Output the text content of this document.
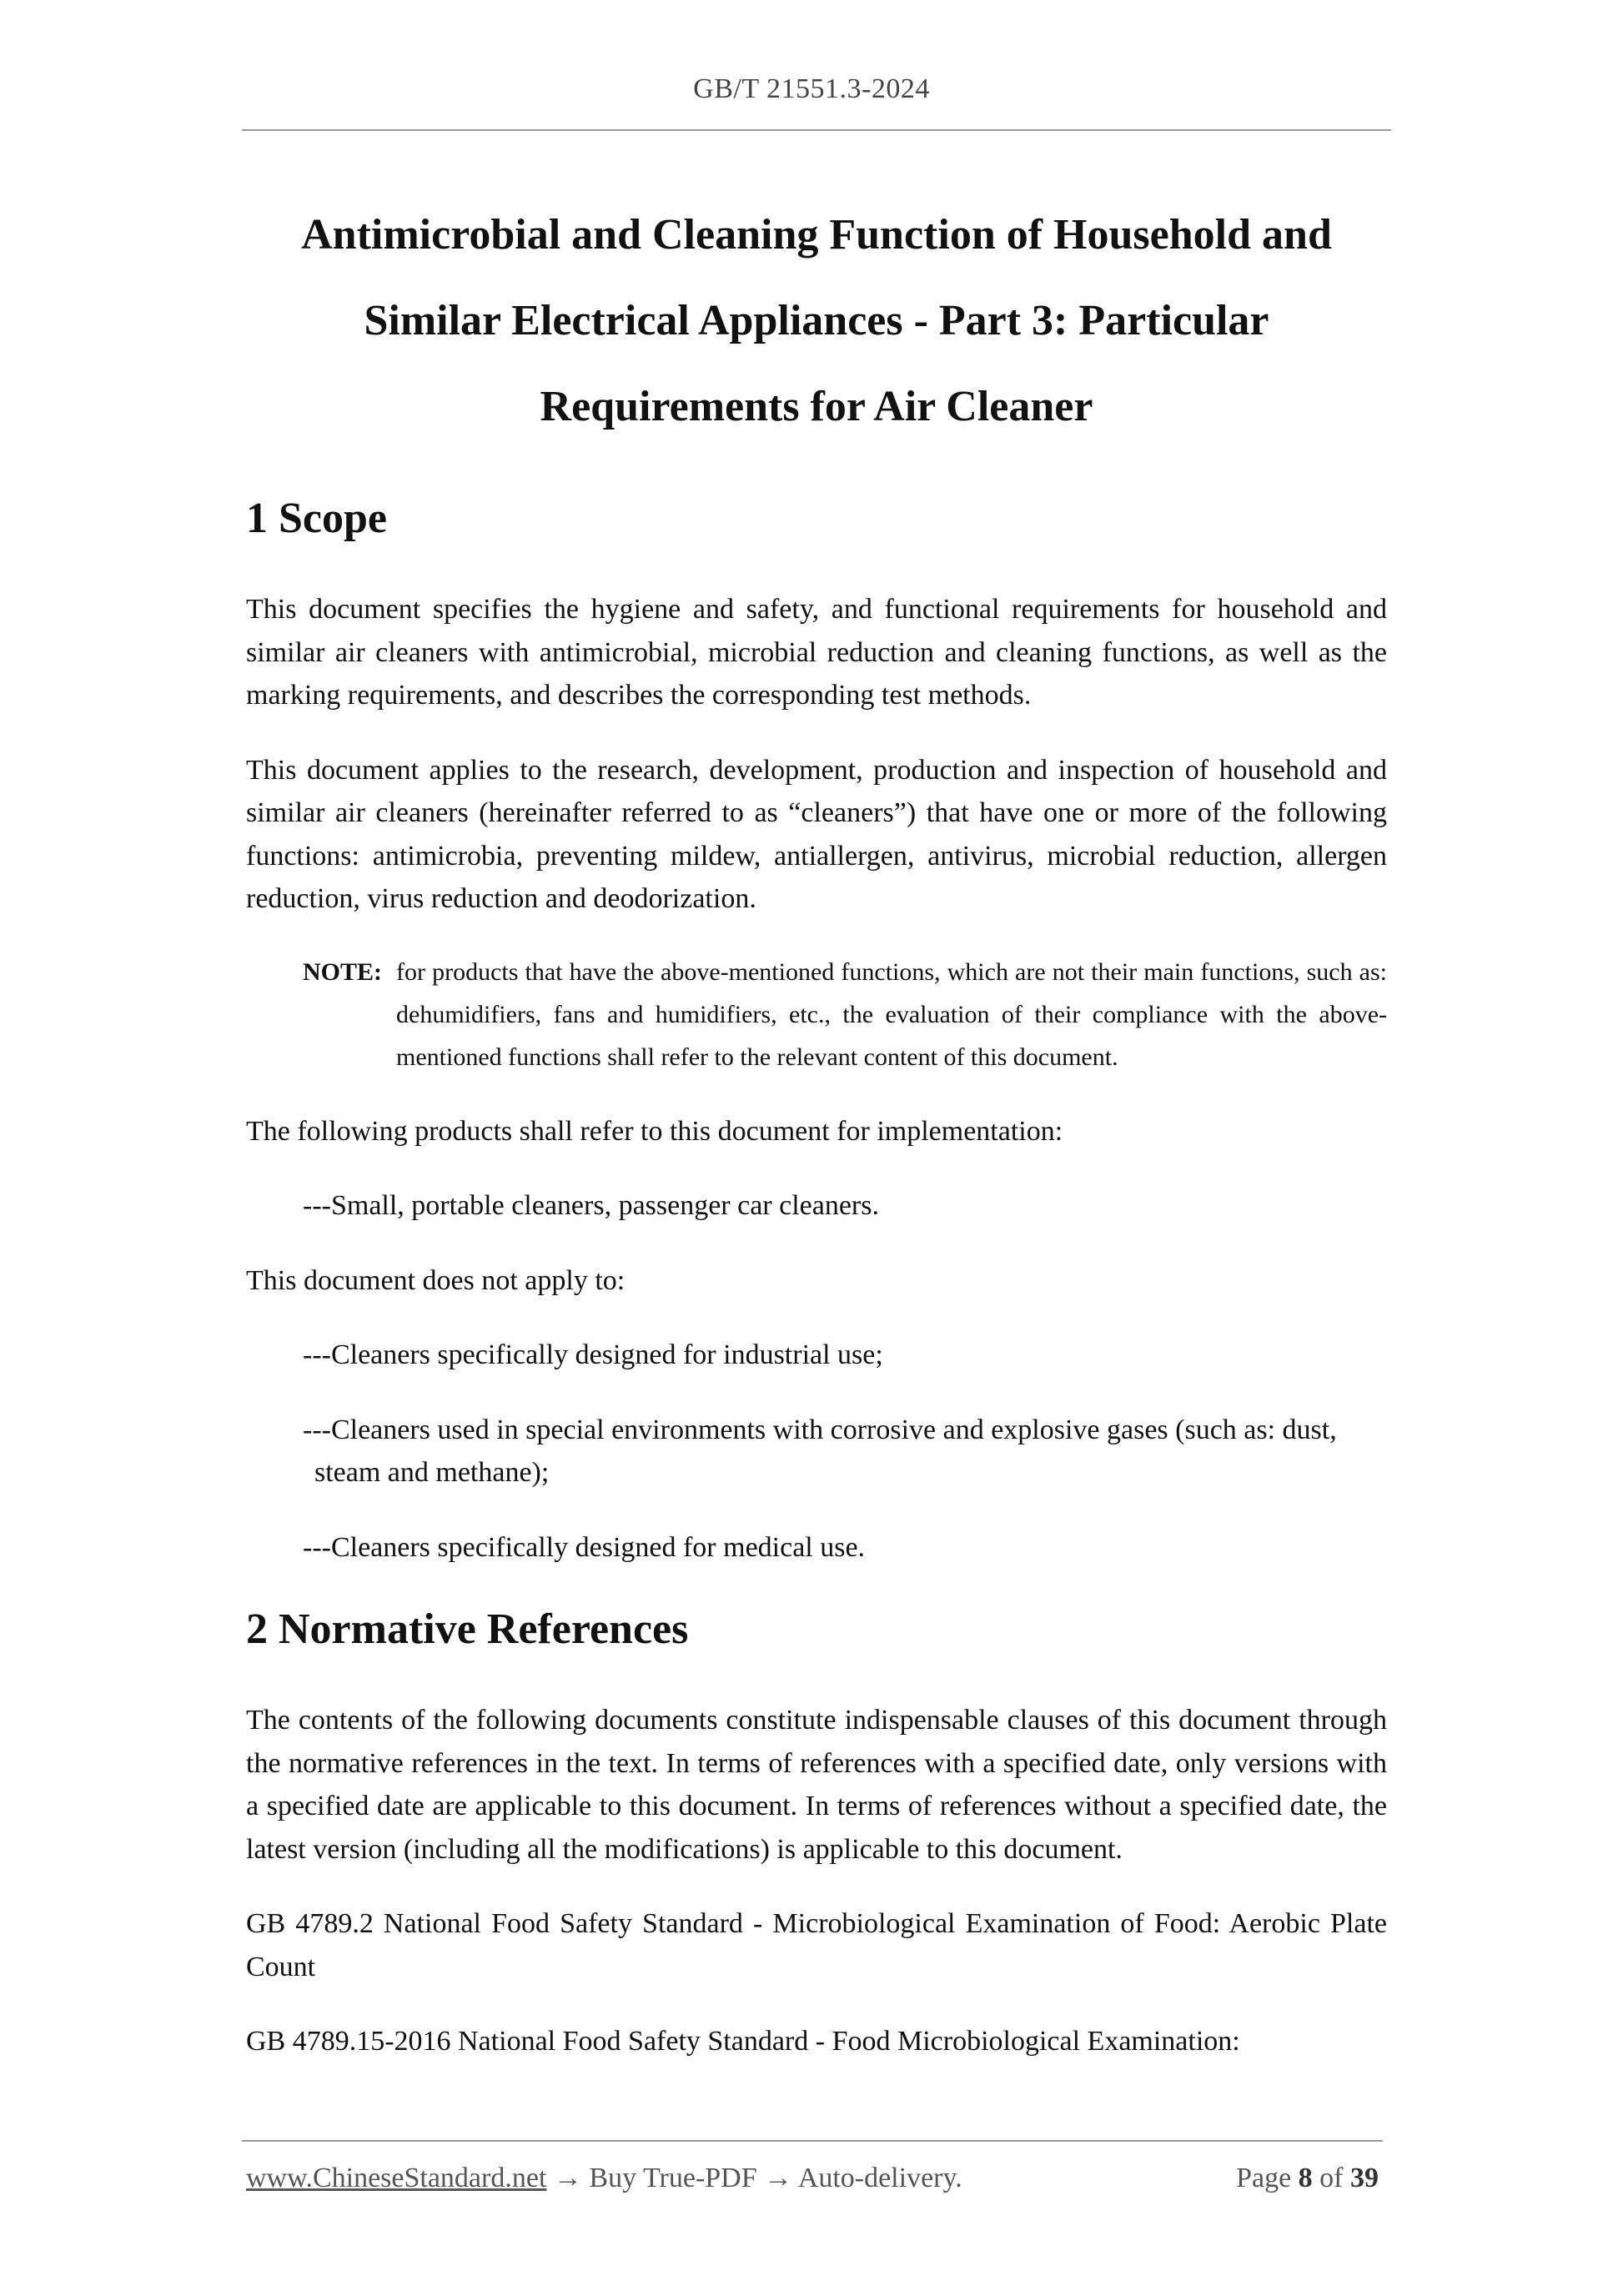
GB/T 21551.3-2024
Antimicrobial and Cleaning Function of Household and
Similar Electrical Appliances - Part 3: Particular
Requirements for Air Cleaner
1 Scope

This document specifies the hygiene and safety, and functional requirements for household and similar air cleaners with antimicrobial, microbial reduction and cleaning functions, as well as the marking requirements, and describes the corresponding test methods.

This document applies to the research, development, production and inspection of household and similar air cleaners (hereinafter referred to as “cleaners”) that have one or more of the following functions: antimicrobia, preventing mildew, antiallergen, antivirus, microbial reduction, allergen reduction, virus reduction and deodorization.

NOTE: for products that have the above-mentioned functions, which are not their main functions, such as: dehumidifiers, fans and humidifiers, etc., the evaluation of their compliance with the above-mentioned functions shall refer to the relevant content of this document.

The following products shall refer to this document for implementation:

---Small, portable cleaners, passenger car cleaners.

This document does not apply to:

---Cleaners specifically designed for industrial use;

---Cleaners used in special environments with corrosive and explosive gases (such as: dust, steam and methane);

---Cleaners specifically designed for medical use.

2 Normative References

The contents of the following documents constitute indispensable clauses of this document through the normative references in the text. In terms of references with a specified date, only versions with a specified date are applicable to this document. In terms of references without a specified date, the latest version (including all the modifications) is applicable to this document.

GB 4789.2 National Food Safety Standard - Microbiological Examination of Food: Aerobic Plate Count

GB 4789.15-2016 National Food Safety Standard - Food Microbiological Examination:

www.ChineseStandard.net → Buy True-PDF → Auto-delivery.	Page 8 of 39
